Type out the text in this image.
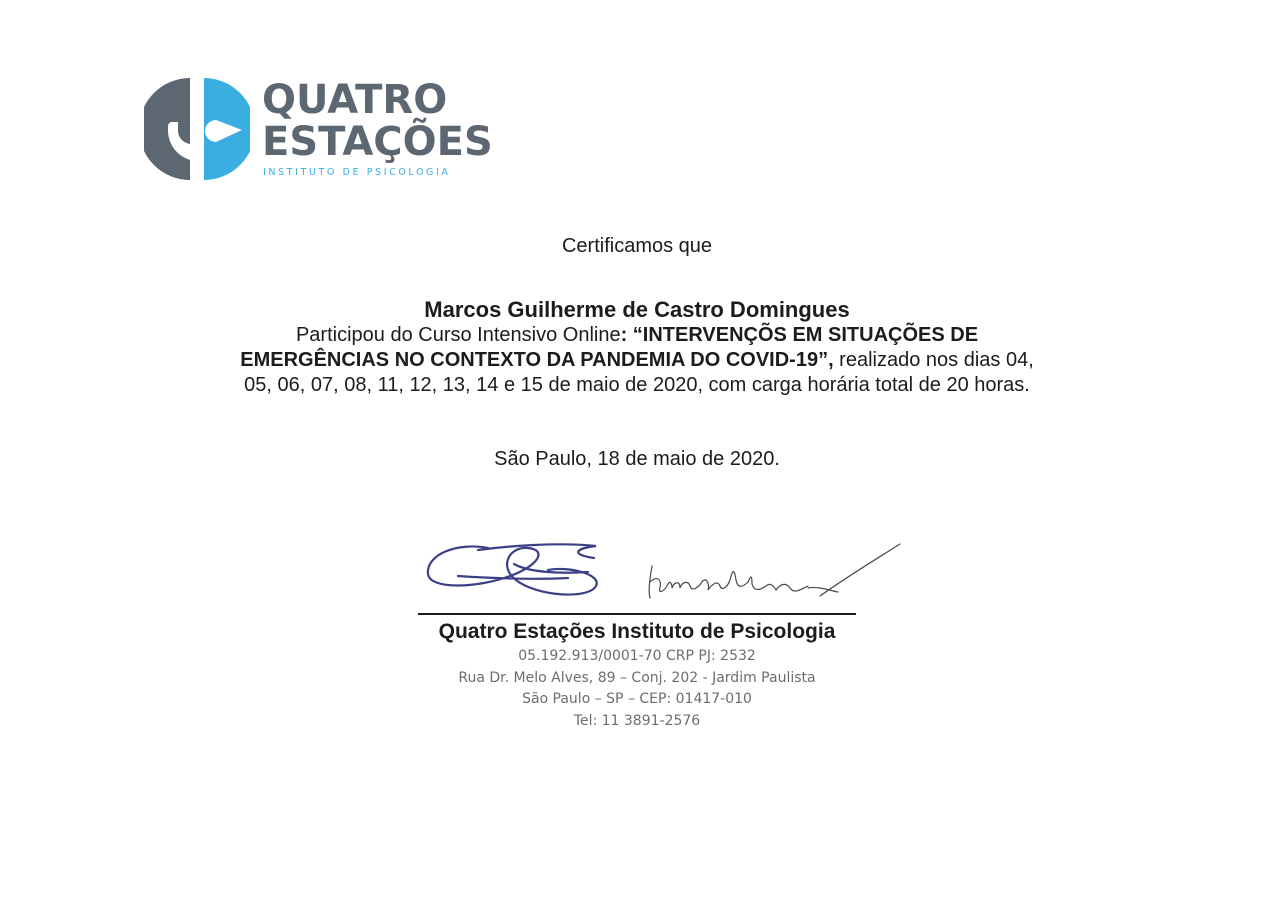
QUATRO
ESTAÇÕES
INSTITUTO DE PSICOLOGIA
Certificamos que
Marcos Guilherme de Castro Domingues
Participou do Curso Intensivo Online: “INTERVENÇÕS EM SITUAÇÕES DE EMERGÊNCIAS NO CONTEXTO DA PANDEMIA DO COVID-19”, realizado nos dias 04, 05, 06, 07, 08, 11, 12, 13, 14 e 15 de maio de 2020, com carga horária total de 20 horas.
São Paulo, 18 de maio de 2020.
Quatro Estações Instituto de Psicologia
05.192.913/0001-70 CRP PJ: 2532
Rua Dr. Melo Alves, 89 – Conj. 202 - Jardim Paulista
São Paulo – SP – CEP: 01417-010
Tel: 11 3891-2576
